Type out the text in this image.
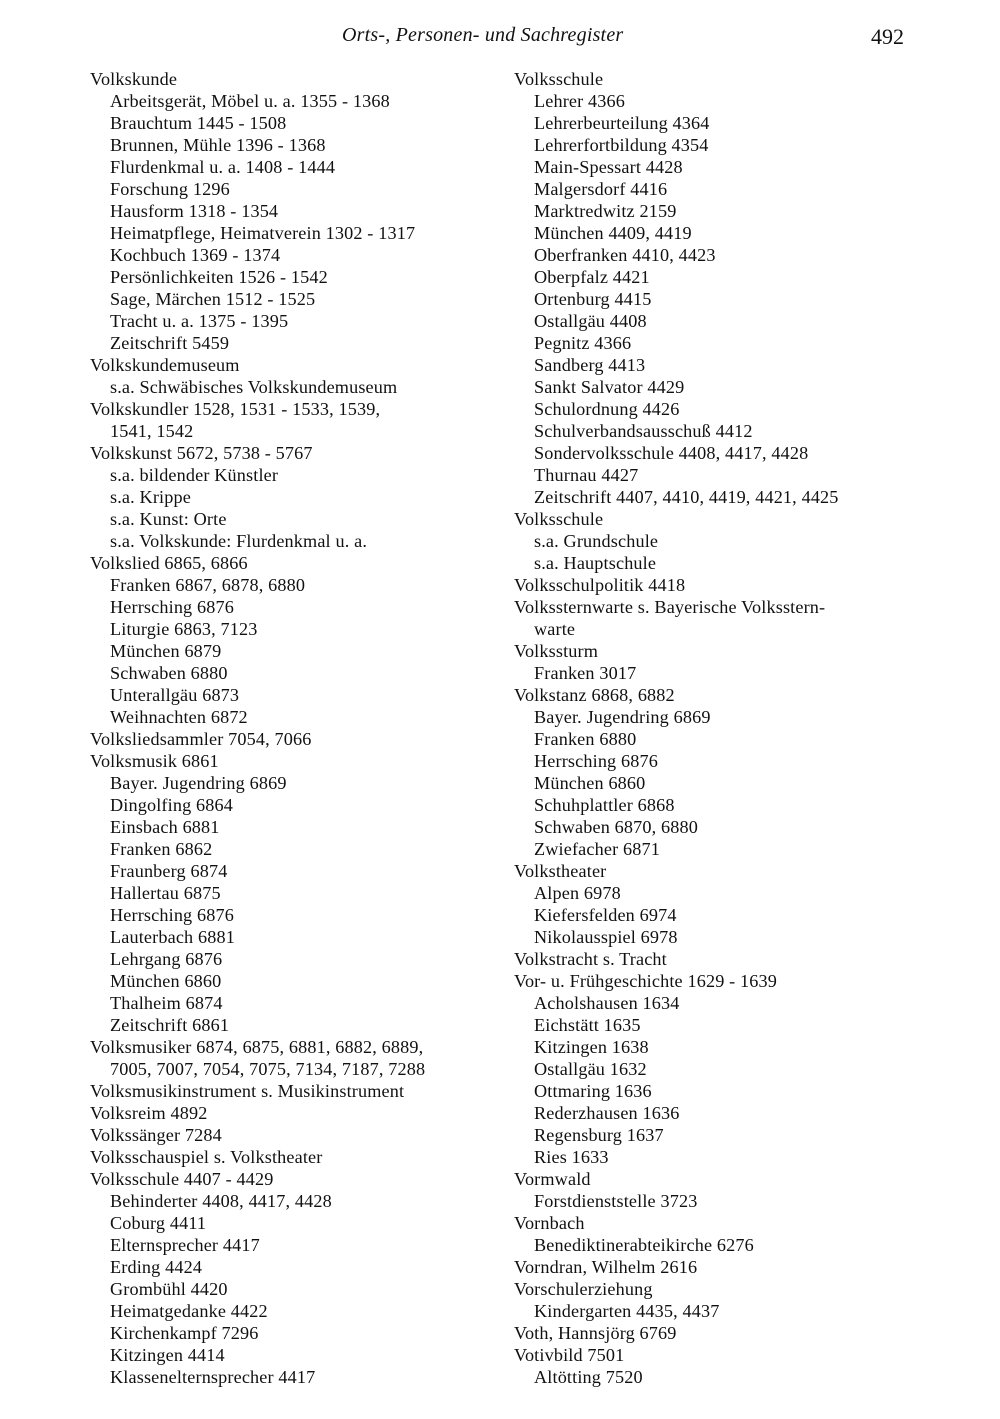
Orts-, Personen- und Sachregister	492
Volkskunde
Arbeitsgerät, Möbel u. a. 1355 - 1368
Brauchtum 1445 - 1508
Brunnen, Mühle 1396 - 1368
Flurdenkmal u. a. 1408 - 1444
Forschung 1296
Hausform 1318 - 1354
Heimatpflege, Heimatverein 1302 - 1317
Kochbuch 1369 - 1374
Persönlichkeiten 1526 - 1542
Sage, Märchen 1512 - 1525
Tracht u. a. 1375 - 1395
Zeitschrift 5459
Volkskundemuseum
s.a. Schwäbisches Volkskundemuseum
Volkskundler 1528, 1531 - 1533, 1539,
1541, 1542
Volkskunst 5672, 5738 - 5767
s.a. bildender Künstler
s.a. Krippe
s.a. Kunst: Orte
s.a. Volkskunde: Flurdenkmal u. a.
Volkslied 6865, 6866
Franken 6867, 6878, 6880
Herrsching 6876
Liturgie 6863, 7123
München 6879
Schwaben 6880
Unterallgäu 6873
Weihnachten 6872
Volksliedsammler 7054, 7066
Volksmusik 6861
Bayer. Jugendring 6869
Dingolfing 6864
Einsbach 6881
Franken 6862
Fraunberg 6874
Hallertau 6875
Herrsching 6876
Lauterbach 6881
Lehrgang 6876
München 6860
Thalheim 6874
Zeitschrift 6861
Volksmusiker 6874, 6875, 6881, 6882, 6889,
7005, 7007, 7054, 7075, 7134, 7187, 7288
Volksmusikinstrument s. Musikinstrument
Volksreim 4892
Volkssänger 7284
Volksschauspiel s. Volkstheater
Volksschule 4407 - 4429
Behinderter 4408, 4417, 4428
Coburg 4411
Elternsprecher 4417
Erding 4424
Grombühl 4420
Heimatgedanke 4422
Kirchenkampf 7296
Kitzingen 4414
Klassenelternsprecher 4417
Volksschule
Lehrer 4366
Lehrerbeurteilung 4364
Lehrerfortbildung 4354
Main-Spessart 4428
Malgersdorf 4416
Marktredwitz 2159
München 4409, 4419
Oberfranken 4410, 4423
Oberpfalz 4421
Ortenburg 4415
Ostallgäu 4408
Pegnitz 4366
Sandberg 4413
Sankt Salvator 4429
Schulordnung 4426
Schulverbandsausschuß 4412
Sondervolksschule 4408, 4417, 4428
Thurnau 4427
Zeitschrift 4407, 4410, 4419, 4421, 4425
Volksschule
s.a. Grundschule
s.a. Hauptschule
Volksschulpolitik 4418
Volkssternwarte s. Bayerische Volksstern-
warte
Volkssturm
Franken 3017
Volkstanz 6868, 6882
Bayer. Jugendring 6869
Franken 6880
Herrsching 6876
München 6860
Schuhplattler 6868
Schwaben 6870, 6880
Zwiefacher 6871
Volkstheater
Alpen 6978
Kiefersfelden 6974
Nikolausspiel 6978
Volkstracht s. Tracht
Vor- u. Frühgeschichte 1629 - 1639
Acholshausen 1634
Eichstätt 1635
Kitzingen 1638
Ostallgäu 1632
Ottmaring 1636
Rederzhausen 1636
Regensburg 1637
Ries 1633
Vormwald
Forstdienststelle 3723
Vornbach
Benediktinerabteikirche 6276
Vorndran, Wilhelm 2616
Vorschulerziehung
Kindergarten 4435, 4437
Voth, Hannsjörg 6769
Votivbild 7501
Altötting 7520
